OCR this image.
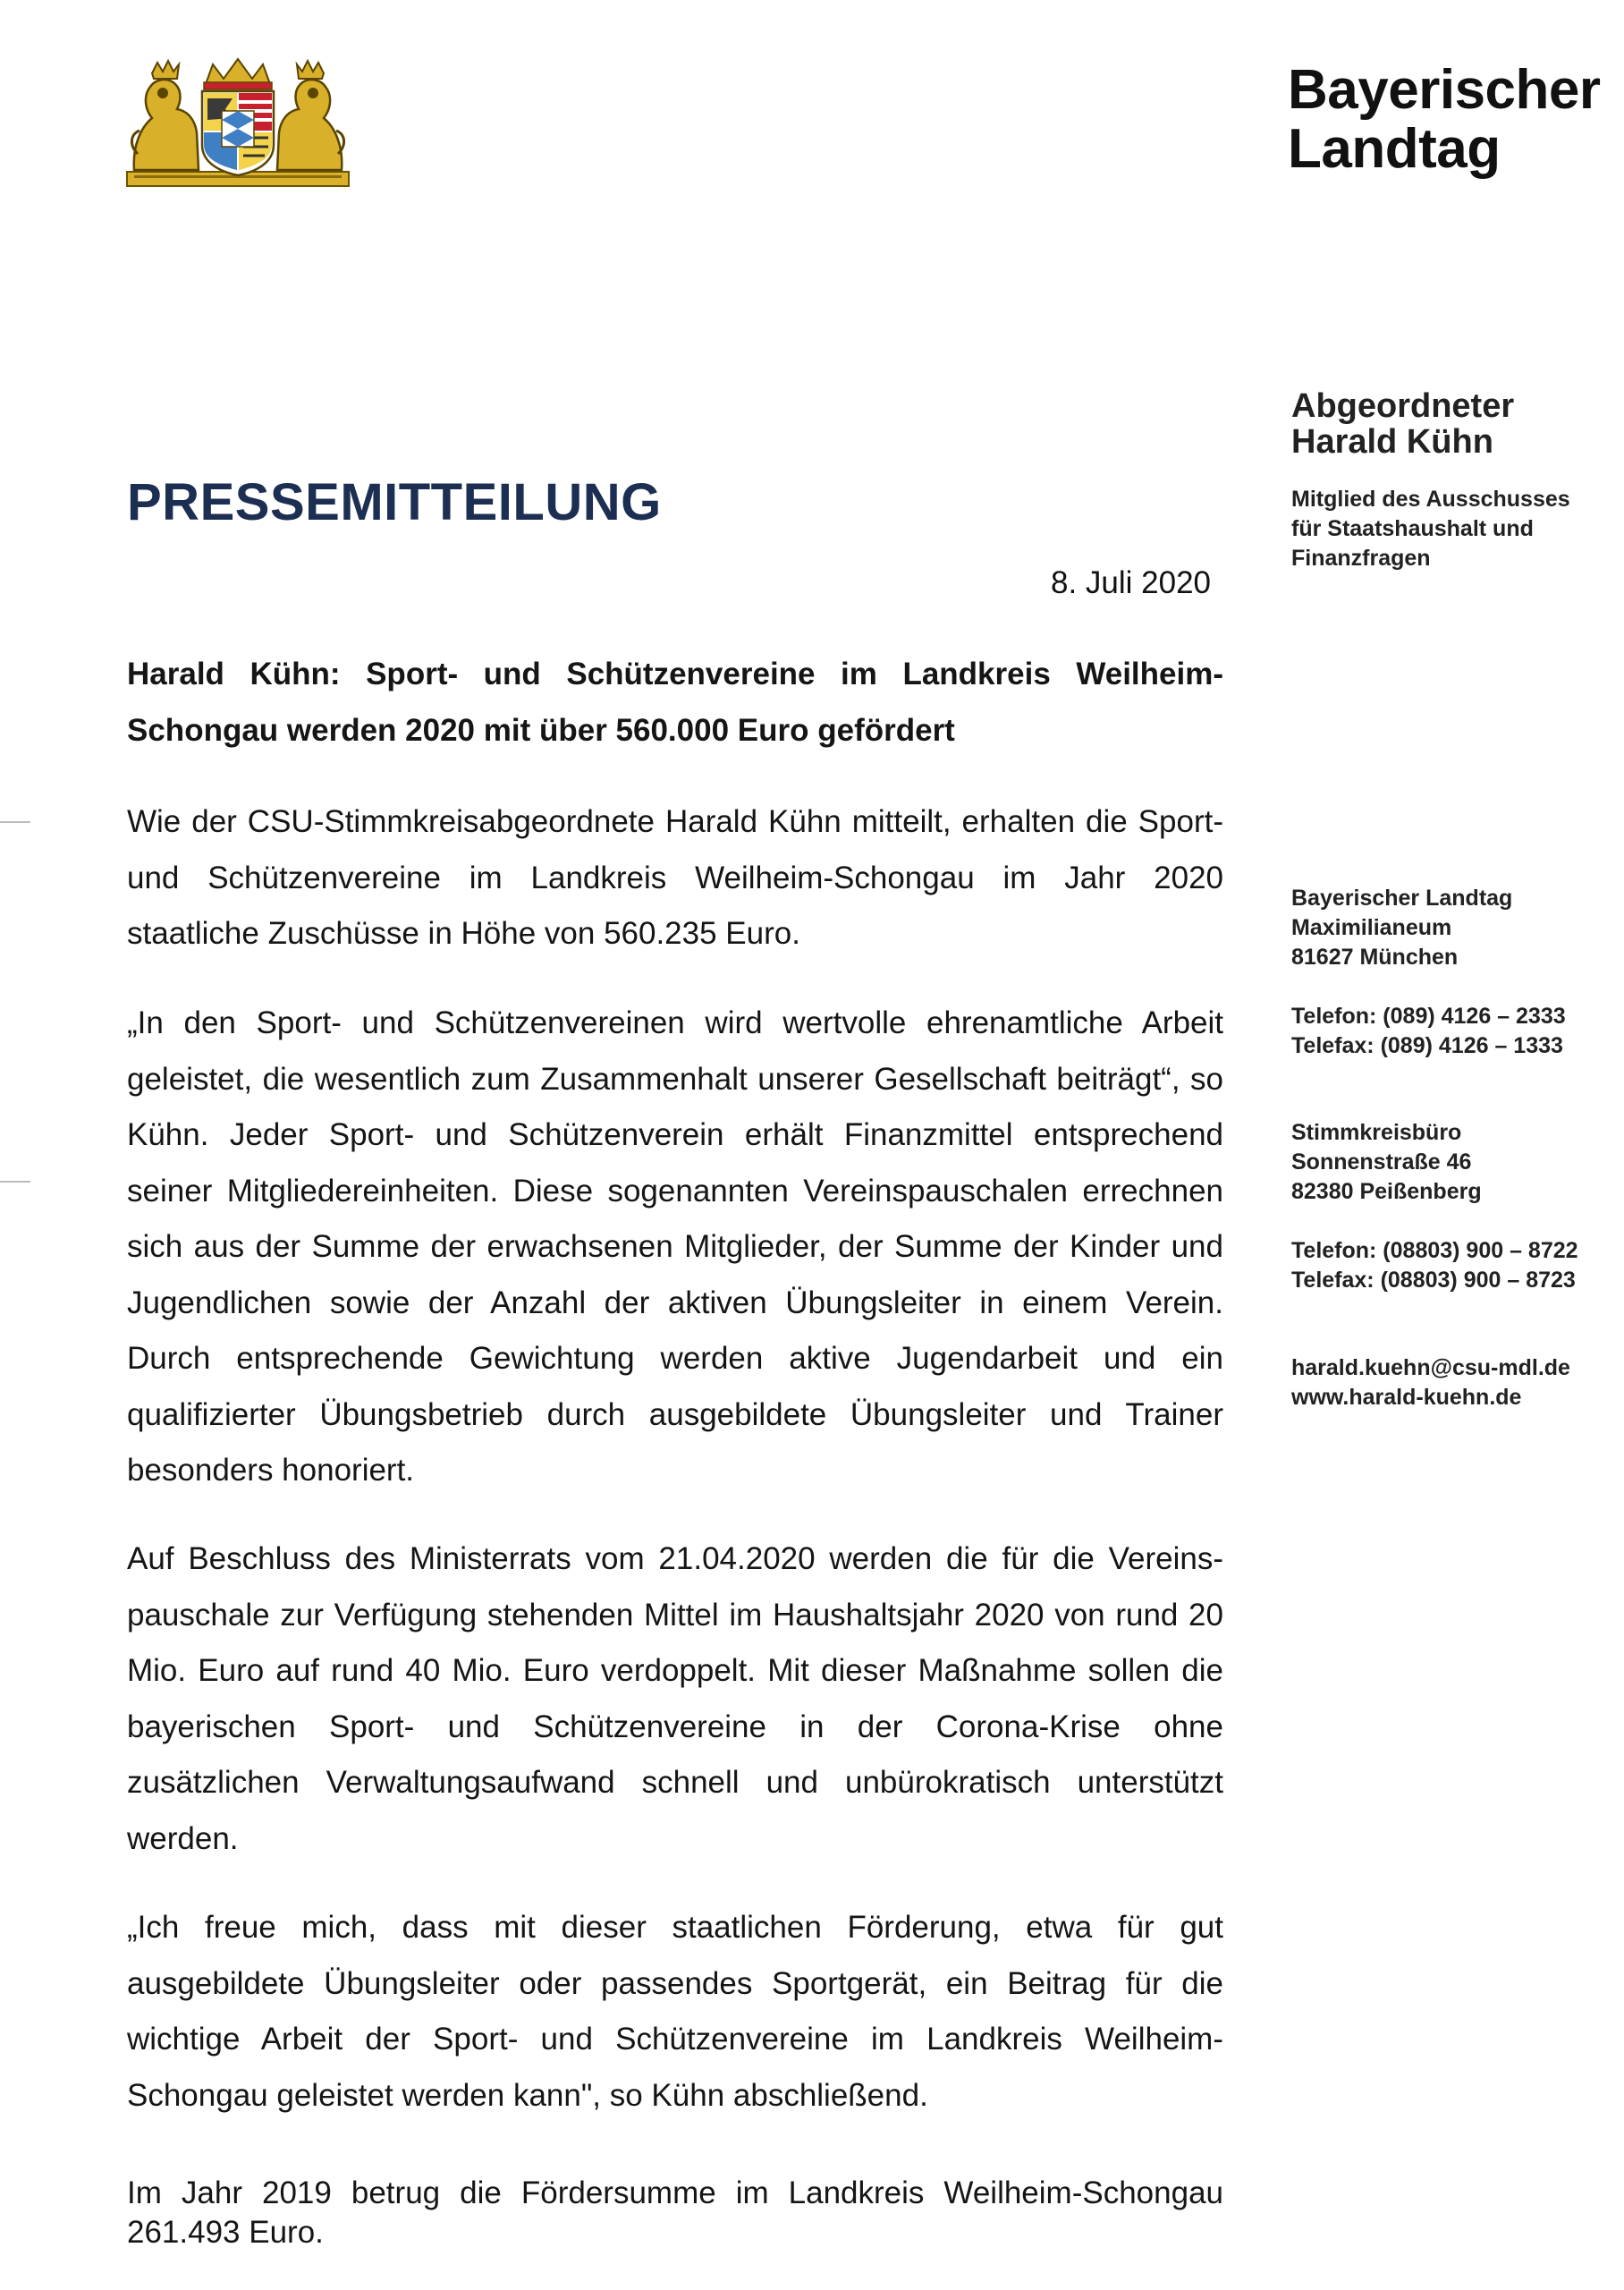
Bayerischer
Landtag
Abgeordneter
Harald Kühn
Mitglied des Ausschusses
für Staatshaushalt und
Finanzfragen
Bayerischer Landtag
Maximilianeum
81627 München
Telefon: (089) 4126 – 2333
Telefax: (089) 4126 – 1333
Stimmkreisbüro
Sonnenstraße 46
82380 Peißenberg
Telefon: (08803) 900 – 8722
Telefax: (08803) 900 – 8723
harald.kuehn@csu-mdl.de
www.harald-kuehn.de
PRESSEMITTEILUNG
8. Juli 2020
Harald Kühn: Sport- und Schützenvereine im Landkreis Weilheim-Schongau werden 2020 mit über 560.000 Euro gefördert
Wie der CSU-Stimmkreisabgeordnete Harald Kühn mitteilt, erhalten die Sport- und Schützenvereine im Landkreis Weilheim-Schongau im Jahr 2020 staatliche Zuschüsse in Höhe von 560.235 Euro.
„In den Sport- und Schützenvereinen wird wertvolle ehrenamtliche Arbeit geleistet, die wesentlich zum Zusammenhalt unserer Gesellschaft beiträgt“, so Kühn. Jeder Sport- und Schützenverein erhält Finanzmittel entsprechend seiner Mitgliedereinheiten. Diese sogenannten Vereinspauschalen errechnen sich aus der Summe der erwachsenen Mitglieder, der Summe der Kinder und Jugendlichen sowie der Anzahl der aktiven Übungsleiter in einem Verein. Durch entsprechende Gewichtung werden aktive Jugendarbeit und ein qualifizierter Übungsbetrieb durch ausgebildete Übungsleiter und Trainer besonders honoriert.
Auf Beschluss des Ministerrats vom 21.04.2020 werden die für die Vereins-pauschale zur Verfügung stehenden Mittel im Haushaltsjahr 2020 von rund 20 Mio. Euro auf rund 40 Mio. Euro verdoppelt. Mit dieser Maßnahme sollen die bayerischen Sport- und Schützenvereine in der Corona-Krise ohne zusätzlichen Verwaltungsaufwand schnell und unbürokratisch unterstützt werden.
„Ich freue mich, dass mit dieser staatlichen Förderung, etwa für gut ausgebildete Übungsleiter oder passendes Sportgerät, ein Beitrag für die wichtige Arbeit der Sport- und Schützenvereine im Landkreis Weilheim-Schongau geleistet werden kann", so Kühn abschließend.
Im Jahr 2019 betrug die Fördersumme im Landkreis Weilheim-Schongau 261.493 Euro.
